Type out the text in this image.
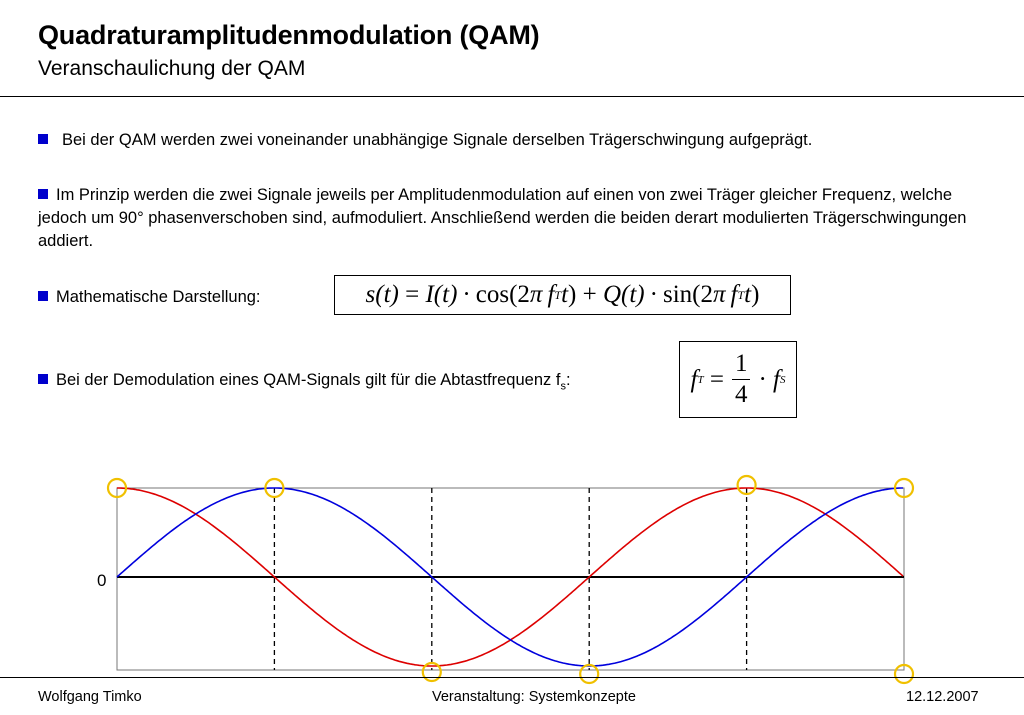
Quadraturamplitudenmodulation (QAM)
Veranschaulichung der QAM
Bei der QAM werden zwei voneinander unabhängige Signale derselben Trägerschwingung aufgeprägt.
Im Prinzip werden die zwei Signale jeweils per Amplitudenmodulation auf einen von zwei Träger gleicher Frequenz, welche jedoch um 90° phasenverschoben sind, aufmoduliert. Anschließend werden die beiden derart modulierten Trägerschwingungen addiert.
Mathematische Darstellung:	s(t) = I(t)  ·
  cos(2 π f T t )
+ Q(t)  ·
  sin(2 π f T t )
Bei der Demodulation eines QAM-Signals gilt für die Abtastfrequenz $f_s$:	f T
= $\frac{1}{4} \cdot f$ S
0
Wolfgang Timko	Veranstaltung: Systemkonzepte	12.12.2007
